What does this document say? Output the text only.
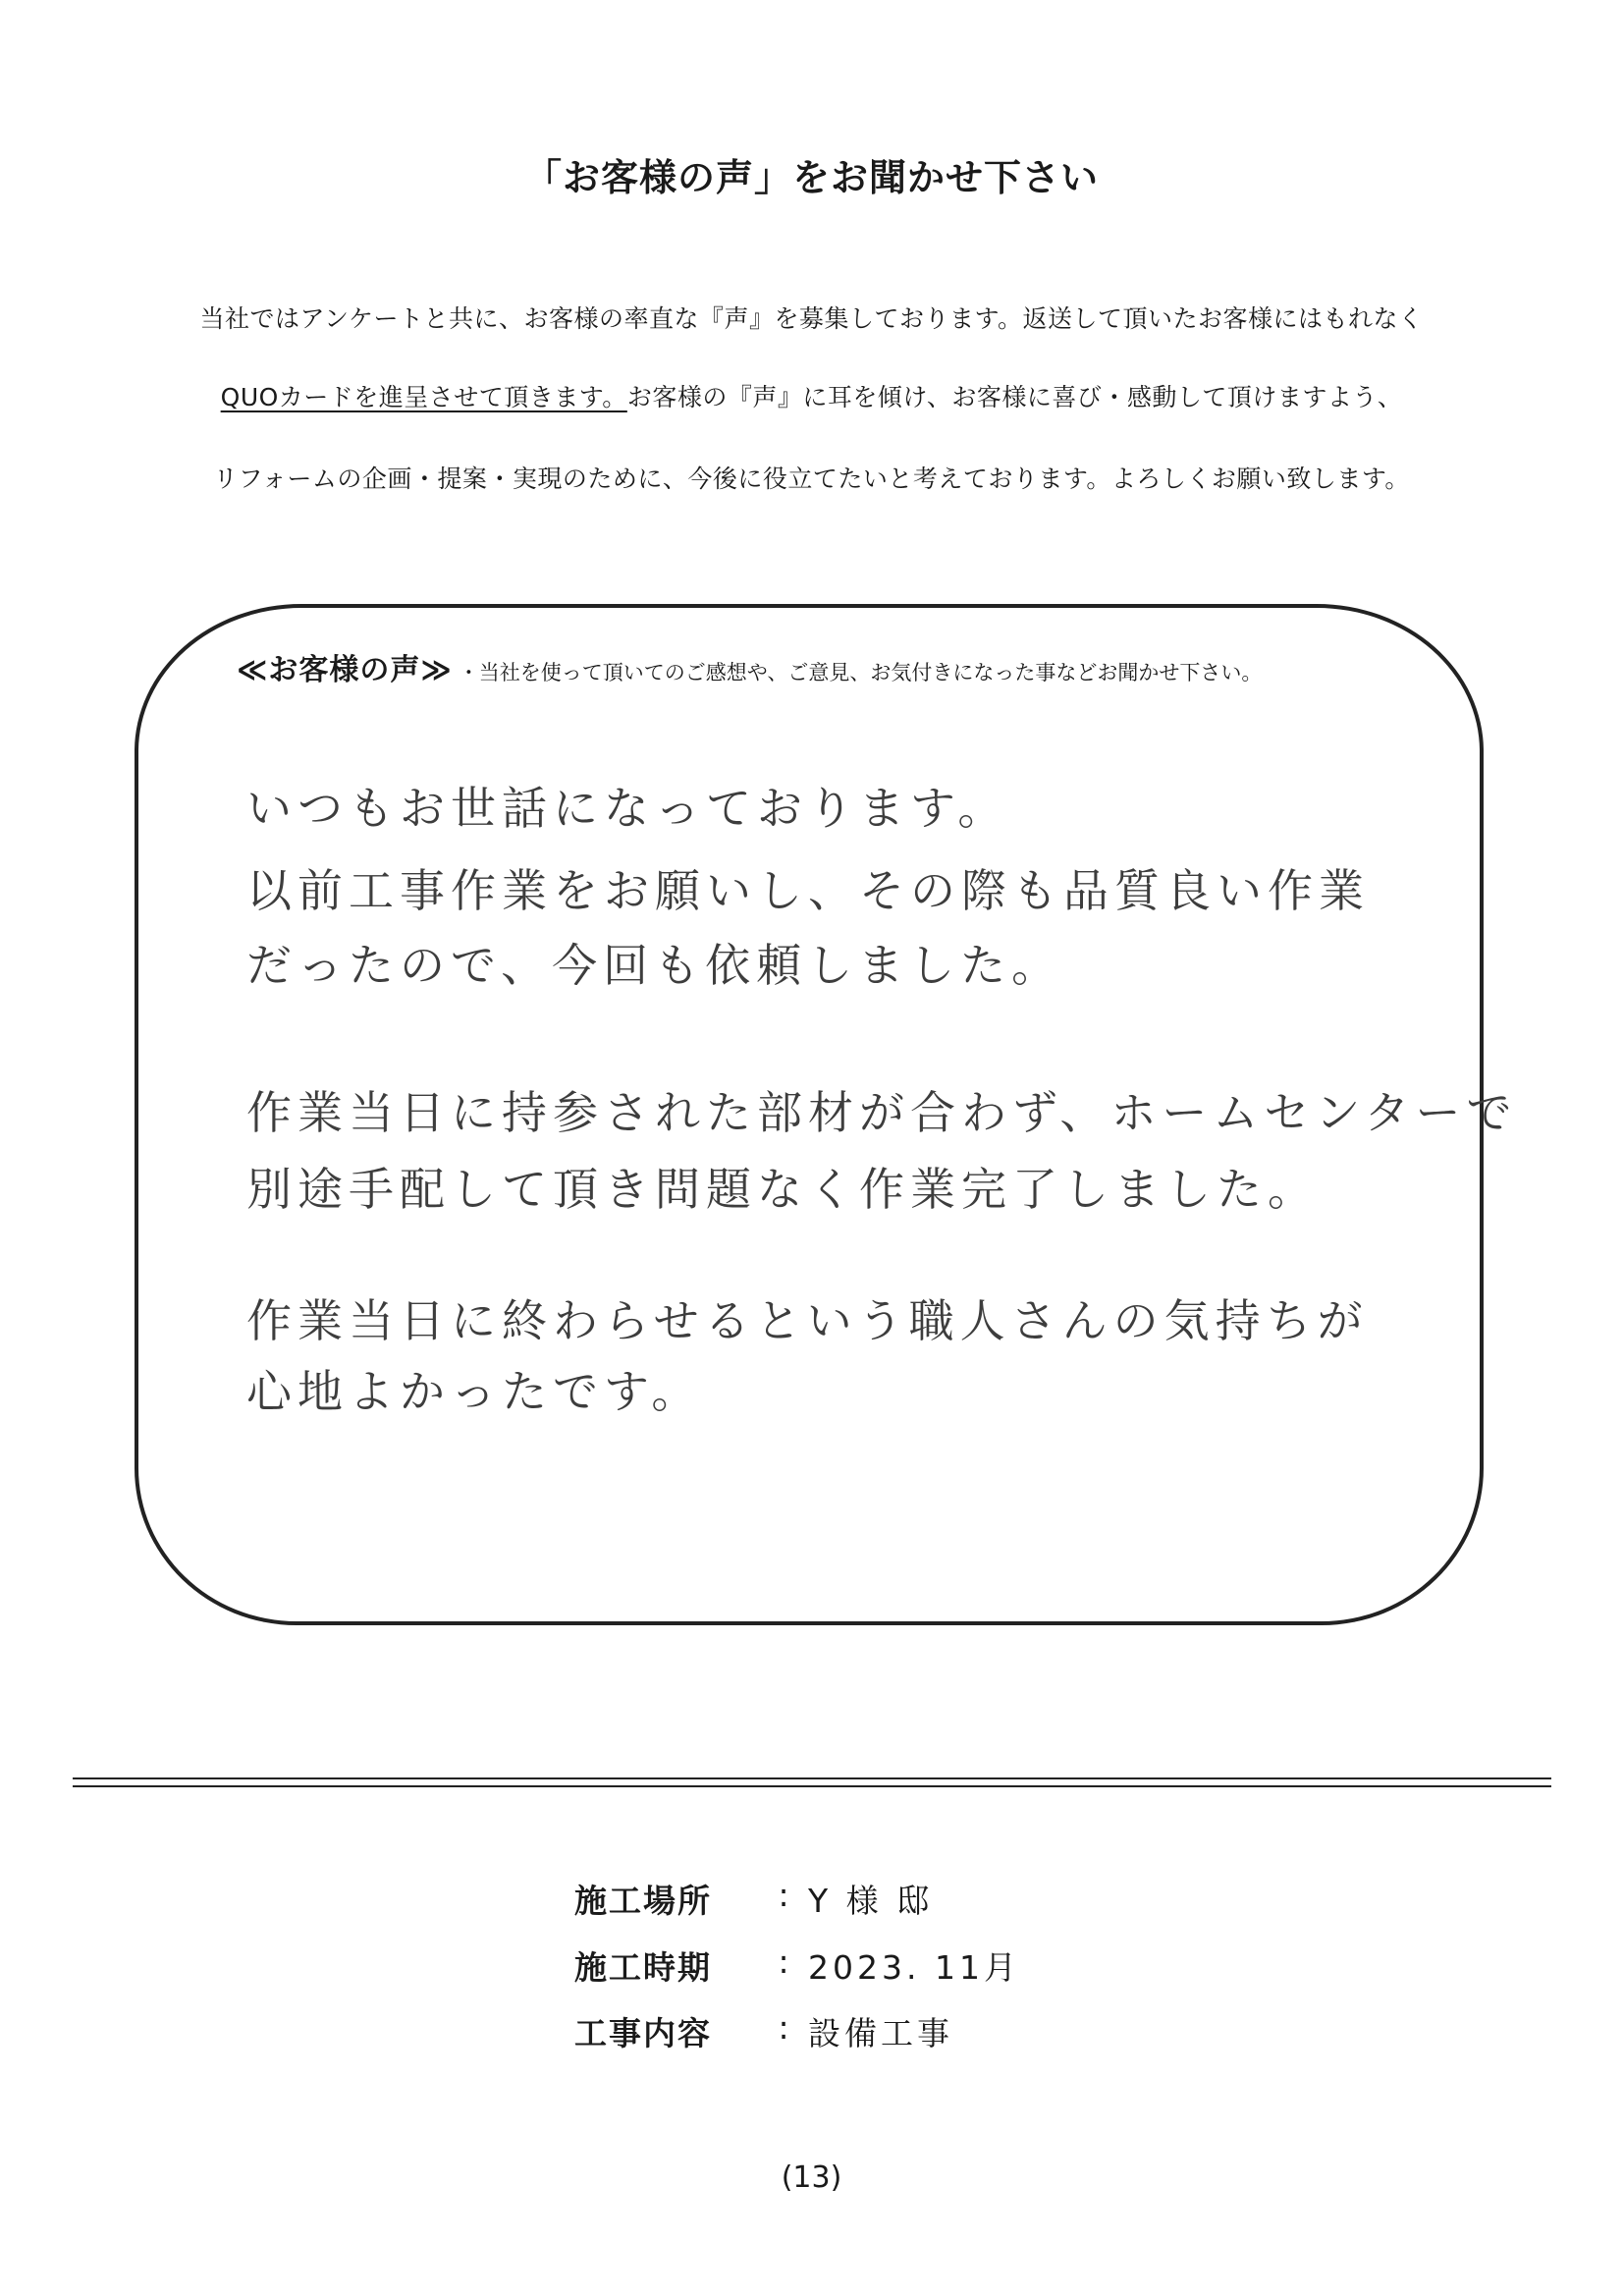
「お客様の声」をお聞かせ下さい
当社ではアンケートと共に、お客様の率直な『声』を募集しております。返送して頂いたお客様にはもれなく
QUOカードを進呈させて頂きます。お客様の『声』に耳を傾け、お客様に喜び・感動して頂けますよう、
リフォームの企画・提案・実現のために、今後に役立てたいと考えております。よろしくお願い致します。
≪お客様の声≫ ・当社を使って頂いてのご感想や、ご意見、お気付きになった事などお聞かせ下さい。
いつもお世話になっております。
以前工事作業をお願いし、その際も品質良い作業
だったので、今回も依頼しました。
作業当日に持参された部材が合わず、ホームセンターで
別途手配して頂き問題なく作業完了しました。
作業当日に終わらせるという職人さんの気持ちが
心地よかったです。
施工場所	: Y 様 邸
施工時期	: 2023. 11月
工事内容	: 設備工事
(13)
